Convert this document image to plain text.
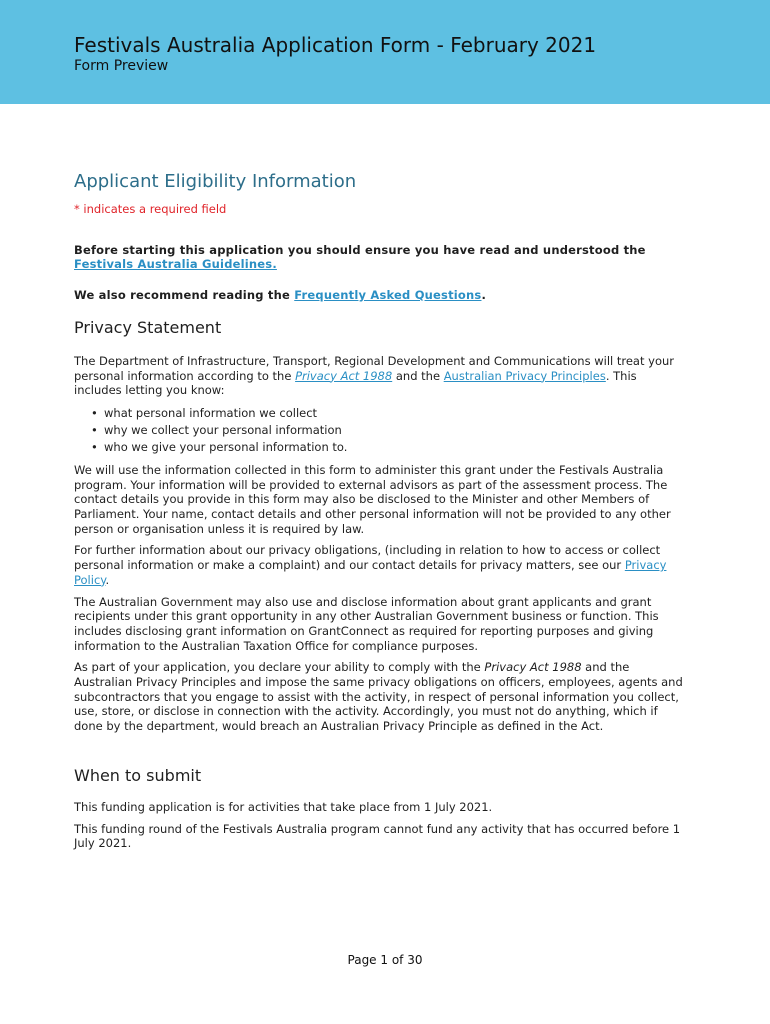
Festivals Australia Application Form - February 2021
Form Preview
Applicant Eligibility Information
* indicates a required field

Before starting this application you should ensure you have read and understood the Festivals Australia Guidelines.

We also recommend reading the Frequently Asked Questions.

Privacy Statement

The Department of Infrastructure, Transport, Regional Development and Communications will treat your personal information according to the Privacy Act 1988 and the Australian Privacy Principles. This includes letting you know:

• what personal information we collect
• why we collect your personal information
• who we give your personal information to.

We will use the information collected in this form to administer this grant under the Festivals Australia program. Your information will be provided to external advisors as part of the assessment process. The contact details you provide in this form may also be disclosed to the Minister and other Members of Parliament. Your name, contact details and other personal information will not be provided to any other person or organisation unless it is required by law.

For further information about our privacy obligations, (including in relation to how to access or collect personal information or make a complaint) and our contact details for privacy matters, see our Privacy Policy.

The Australian Government may also use and disclose information about grant applicants and grant recipients under this grant opportunity in any other Australian Government business or function. This includes disclosing grant information on GrantConnect as required for reporting purposes and giving information to the Australian Taxation Office for compliance purposes.

As part of your application, you declare your ability to comply with the Privacy Act 1988 and the Australian Privacy Principles and impose the same privacy obligations on officers, employees, agents and subcontractors that you engage to assist with the activity, in respect of personal information you collect, use, store, or disclose in connection with the activity. Accordingly, you must not do anything, which if done by the department, would breach an Australian Privacy Principle as defined in the Act.

When to submit

This funding application is for activities that take place from 1 July 2021.

This funding round of the Festivals Australia program cannot fund any activity that has occurred before 1 July 2021.

Page 1 of 30
